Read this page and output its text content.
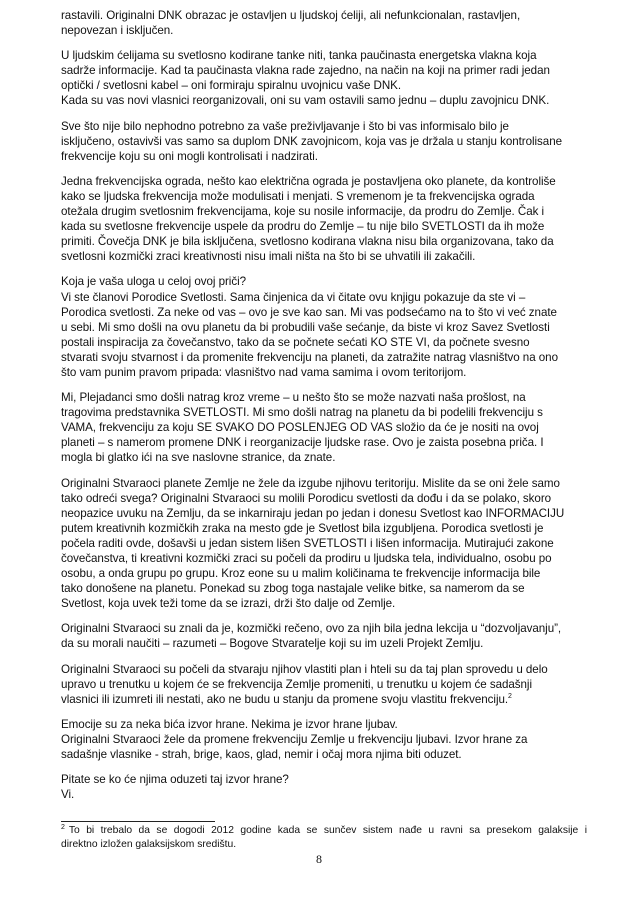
rastavili. Originalni DNK obrazac je ostavljen u ljudskoj ćeliji, ali nefunkcionalan, rastavljen,
nepovezan i isključen.
U ljudskim ćelijama su svetlosno kodirane tanke niti, tanka paučinasta energetska vlakna koja
sadrže informacije. Kad ta paučinasta vlakna rade zajedno, na način na koji na primer radi jedan
optički / svetlosni kabel – oni formiraju spiralnu uvojnicu vaše DNK.
Kada su vas novi vlasnici reorganizovali, oni su vam ostavili samo jednu – duplu zavojnicu DNK.
Sve što nije bilo nephodno potrebno za vaše preživljavanje i što bi vas informisalo bilo je
isključeno, ostavivši vas samo sa duplom DNK zavojnicom, koja vas je držala u stanju kontrolisane
frekvencije koju su oni mogli kontrolisati i nadzirati.
Jedna frekvencijska ograda, nešto kao električna ograda je postavljena oko planete, da kontroliše
kako se ljudska frekvencija može modulisati i menjati. S vremenom je ta frekvencijska ograda
otežala drugim svetlosnim frekvencijama, koje su nosile informacije, da prodru do Zemlje. Čak i
kada su svetlosne frekvencije uspele da prodru do Zemlje – tu nije bilo SVETLOSTI da ih može
primiti. Čovečja DNK je bila isključena, svetlosno kodirana vlakna nisu bila organizovana, tako da
svetlosni kozmički zraci kreativnosti nisu imali ništa na što bi se uhvatili ili zakačili.
Koja je vaša uloga u celoj ovoj priči?
Vi ste članovi Porodice Svetlosti. Sama činjenica da vi čitate ovu knjigu pokazuje da ste vi –
Porodica svetlosti. Za neke od vas – ovo je sve kao san. Mi vas podsećamo na to što vi već znate
u sebi. Mi smo došli na ovu planetu da bi probudili vaše sećanje, da biste vi kroz Savez Svetlosti
postali inspiracija za čovečanstvo, tako da se počnete sećati KO STE VI, da počnete svesno
stvarati svoju stvarnost i da promenite frekvenciju na planeti, da zatražite natrag vlasništvo na ono
što vam punim pravom pripada: vlasništvo nad vama samima i ovom teritorijom.
Mi, Plejadanci smo došli natrag kroz vreme – u nešto što se može nazvati naša prošlost, na
tragovima predstavnika SVETLOSTI. Mi smo došli natrag na planetu da bi podelili frekvenciju s
VAMA, frekvenciju za koju SE SVAKO DO POSLENJEG OD VAS složio da će je nositi na ovoj
planeti – s namerom promene DNK i reorganizacije ljudske rase. Ovo je zaista posebna priča. I
mogla bi glatko ići na sve naslovne stranice, da znate.
Originalni Stvaraoci planete Zemlje ne žele da izgube njihovu teritoriju. Mislite da se oni žele samo
tako odreći svega? Originalni Stvaraoci su molili Porodicu svetlosti da dođu i da se polako, skoro
neopazice uvuku na Zemlju, da se inkarniraju jedan po jedan i donesu Svetlost kao INFORMACIJU
putem kreativnih kozmičkih zraka na mesto gde je Svetlost bila izgubljena. Porodica svetlosti je
počela raditi ovde, došavši u jedan sistem lišen SVETLOSTI i lišen informacija. Mutirajući zakone
čovečanstva, ti kreativni kozmički zraci su počeli da prodiru u ljudska tela, individualno, osobu po
osobu, a onda grupu po grupu. Kroz eone su u malim količinama te frekvencije informacija bile
tako donošene na planetu. Ponekad su zbog toga nastajale velike bitke, sa namerom da se
Svetlost, koja uvek teži tome da se izrazi, drži što dalje od Zemlje.
Originalni Stvaraoci su znali da je, kozmički rečeno, ovo za njih bila jedna lekcija u “dozvoljavanju”,
da su morali naučiti – razumeti – Bogove Stvaratelje koji su im uzeli Projekt Zemlju.
Originalni Stvaraoci su počeli da stvaraju njihov vlastiti plan i hteli su da taj plan sprovedu u delo
upravo u trenutku u kojem će se frekvencija Zemlje promeniti, u trenutku u kojem će sadašnji
vlasnici ili izumreti ili nestati, ako ne budu u stanju da promene svoju vlastitu frekvenciju.$^2$
Emocije su za neka bića izvor hrane. Nekima je izvor hrane ljubav.
Originalni Stvaraoci žele da promene frekvenciju Zemlje u frekvenciju ljubavi. Izvor hrane za
sadašnje vlasnike - strah, brige, kaos, glad, nemir i očaj mora njima biti oduzet.
Pitate se ko će njima oduzeti taj izvor hrane?
Vi.
$^2$ To bi trebalo da se dogodi 2012 godine kada se sunčev sistem nađe u ravni sa presekom galaksije i
direktno izložen galaksijskom središtu.
8
